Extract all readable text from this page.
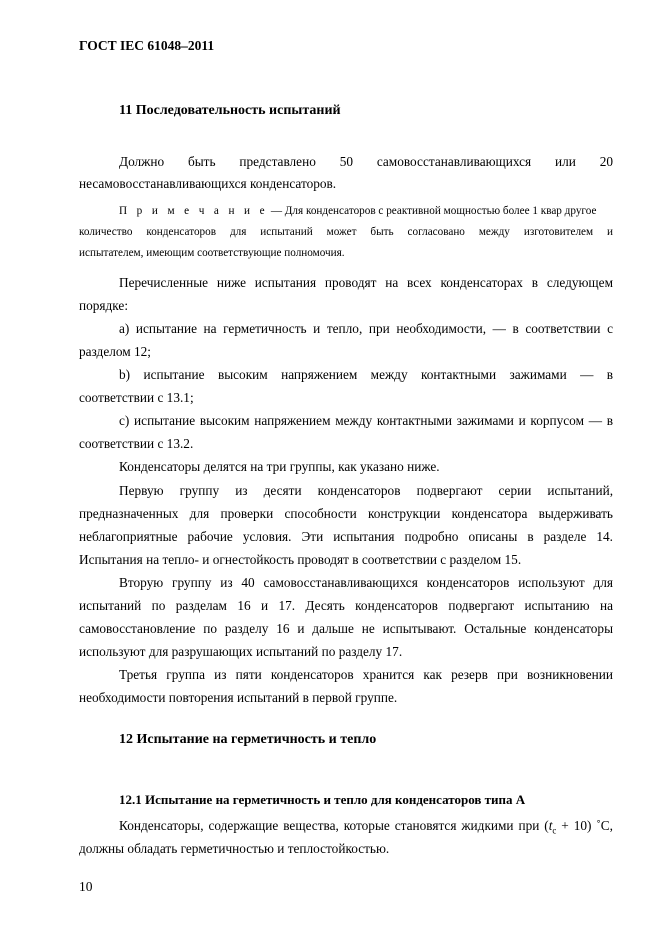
ГОСТ IEC 61048–2011
11 Последовательность испытаний
Должно быть представлено 50 самовосстанавливающихся или 20
несамовосстанавливающихся конденсаторов.
П р и м е ч а н и е — Для конденсаторов с реактивной мощностью более 1 квар другое
количество конденсаторов для испытаний может быть согласовано между изготовителем и
испытателем, имеющим соответствующие полномочия.
Перечисленные ниже испытания проводят на всех конденсаторах в следующем
порядке:
а) испытание на герметичность и тепло, при необходимости, — в соответствии с
разделом 12;
b) испытание высоким напряжением между контактными зажимами — в
соответствии с 13.1;
c) испытание высоким напряжением между контактными зажимами и корпусом — в
соответствии с 13.2.
Конденсаторы делятся на три группы, как указано ниже.
Первую группу из десяти конденсаторов подвергают серии испытаний,
предназначенных для проверки способности конструкции конденсатора выдерживать
неблагоприятные рабочие условия. Эти испытания подробно описаны в разделе 14.
Испытания на тепло- и огнестойкость проводят в соответствии с разделом 15.
Вторую группу из 40 самовосстанавливающихся конденсаторов используют для
испытаний по разделам 16 и 17. Десять конденсаторов подвергают испытанию на
самовосстановление по разделу 16 и дальше не испытывают. Остальные конденсаторы
используют для разрушающих испытаний по разделу 17.
Третья группа из пяти конденсаторов хранится как резерв при возникновении
необходимости повторения испытаний в первой группе.
12 Испытание на герметичность и тепло
12.1 Испытание на герметичность и тепло для конденсаторов типа А
Конденсаторы, содержащие вещества, которые становятся жидкими при $(t_c + 10)$ ˚С,
должны обладать герметичностью и теплостойкостью.
10
